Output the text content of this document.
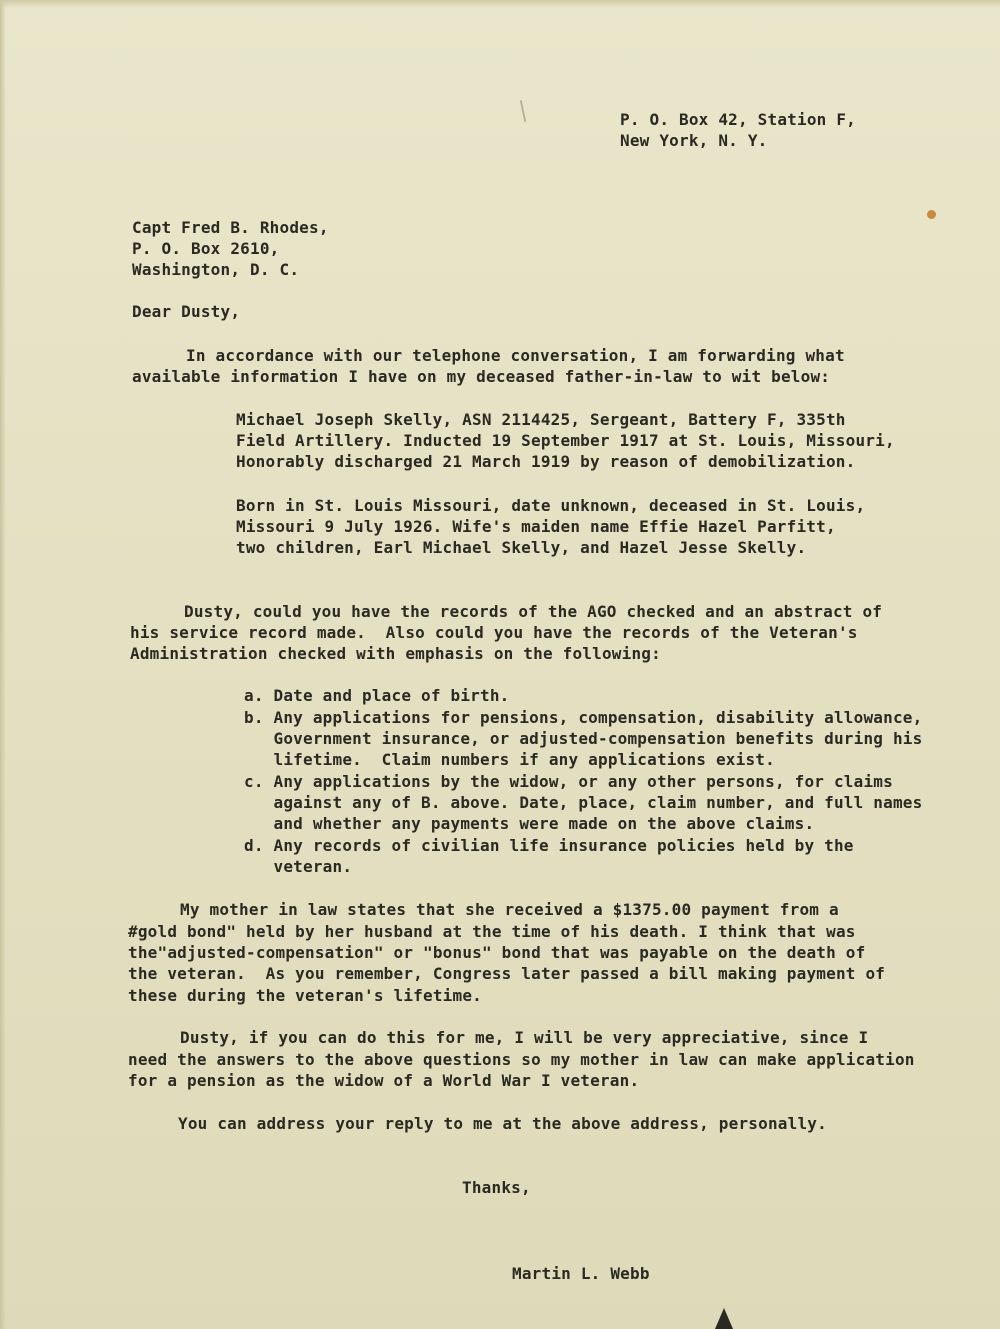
P. O. Box 42, Station F,
New York, N. Y.
Capt Fred B. Rhodes,
P. O. Box 2610,
Washington, D. C.
Dear Dusty,
In accordance with our telephone conversation, I am forwarding what
available information I have on my deceased father-in-law to wit below:
Michael Joseph Skelly, ASN 2114425, Sergeant, Battery F, 335th
Field Artillery. Inducted 19 September 1917 at St. Louis, Missouri,
Honorably discharged 21 March 1919 by reason of demobilization.
Born in St. Louis Missouri, date unknown, deceased in St. Louis,
Missouri 9 July 1926. Wife's maiden name Effie Hazel Parfitt,
two children, Earl Michael Skelly, and Hazel Jesse Skelly.
Dusty, could you have the records of the AGO checked and an abstract of
his service record made.  Also could you have the records of the Veteran's
Administration checked with emphasis on the following:
a. Date and place of birth.
b. Any applications for pensions, compensation, disability allowance,
Government insurance, or adjusted-compensation benefits during his
lifetime.  Claim numbers if any applications exist.
c. Any applications by the widow, or any other persons, for claims
against any of B. above. Date, place, claim number, and full names
and whether any payments were made on the above claims.
d. Any records of civilian life insurance policies held by the
veteran.
My mother in law states that she received a $1375.00 payment from a
#gold bond" held by her husband at the time of his death. I think that was
the"adjusted-compensation" or "bonus" bond that was payable on the death of
the veteran.  As you remember, Congress later passed a bill making payment of
these during the veteran's lifetime.
Dusty, if you can do this for me, I will be very appreciative, since I
need the answers to the above questions so my mother in law can make application
for a pension as the widow of a World War I veteran.
You can address your reply to me at the above address, personally.
Thanks,
Martin L. Webb
